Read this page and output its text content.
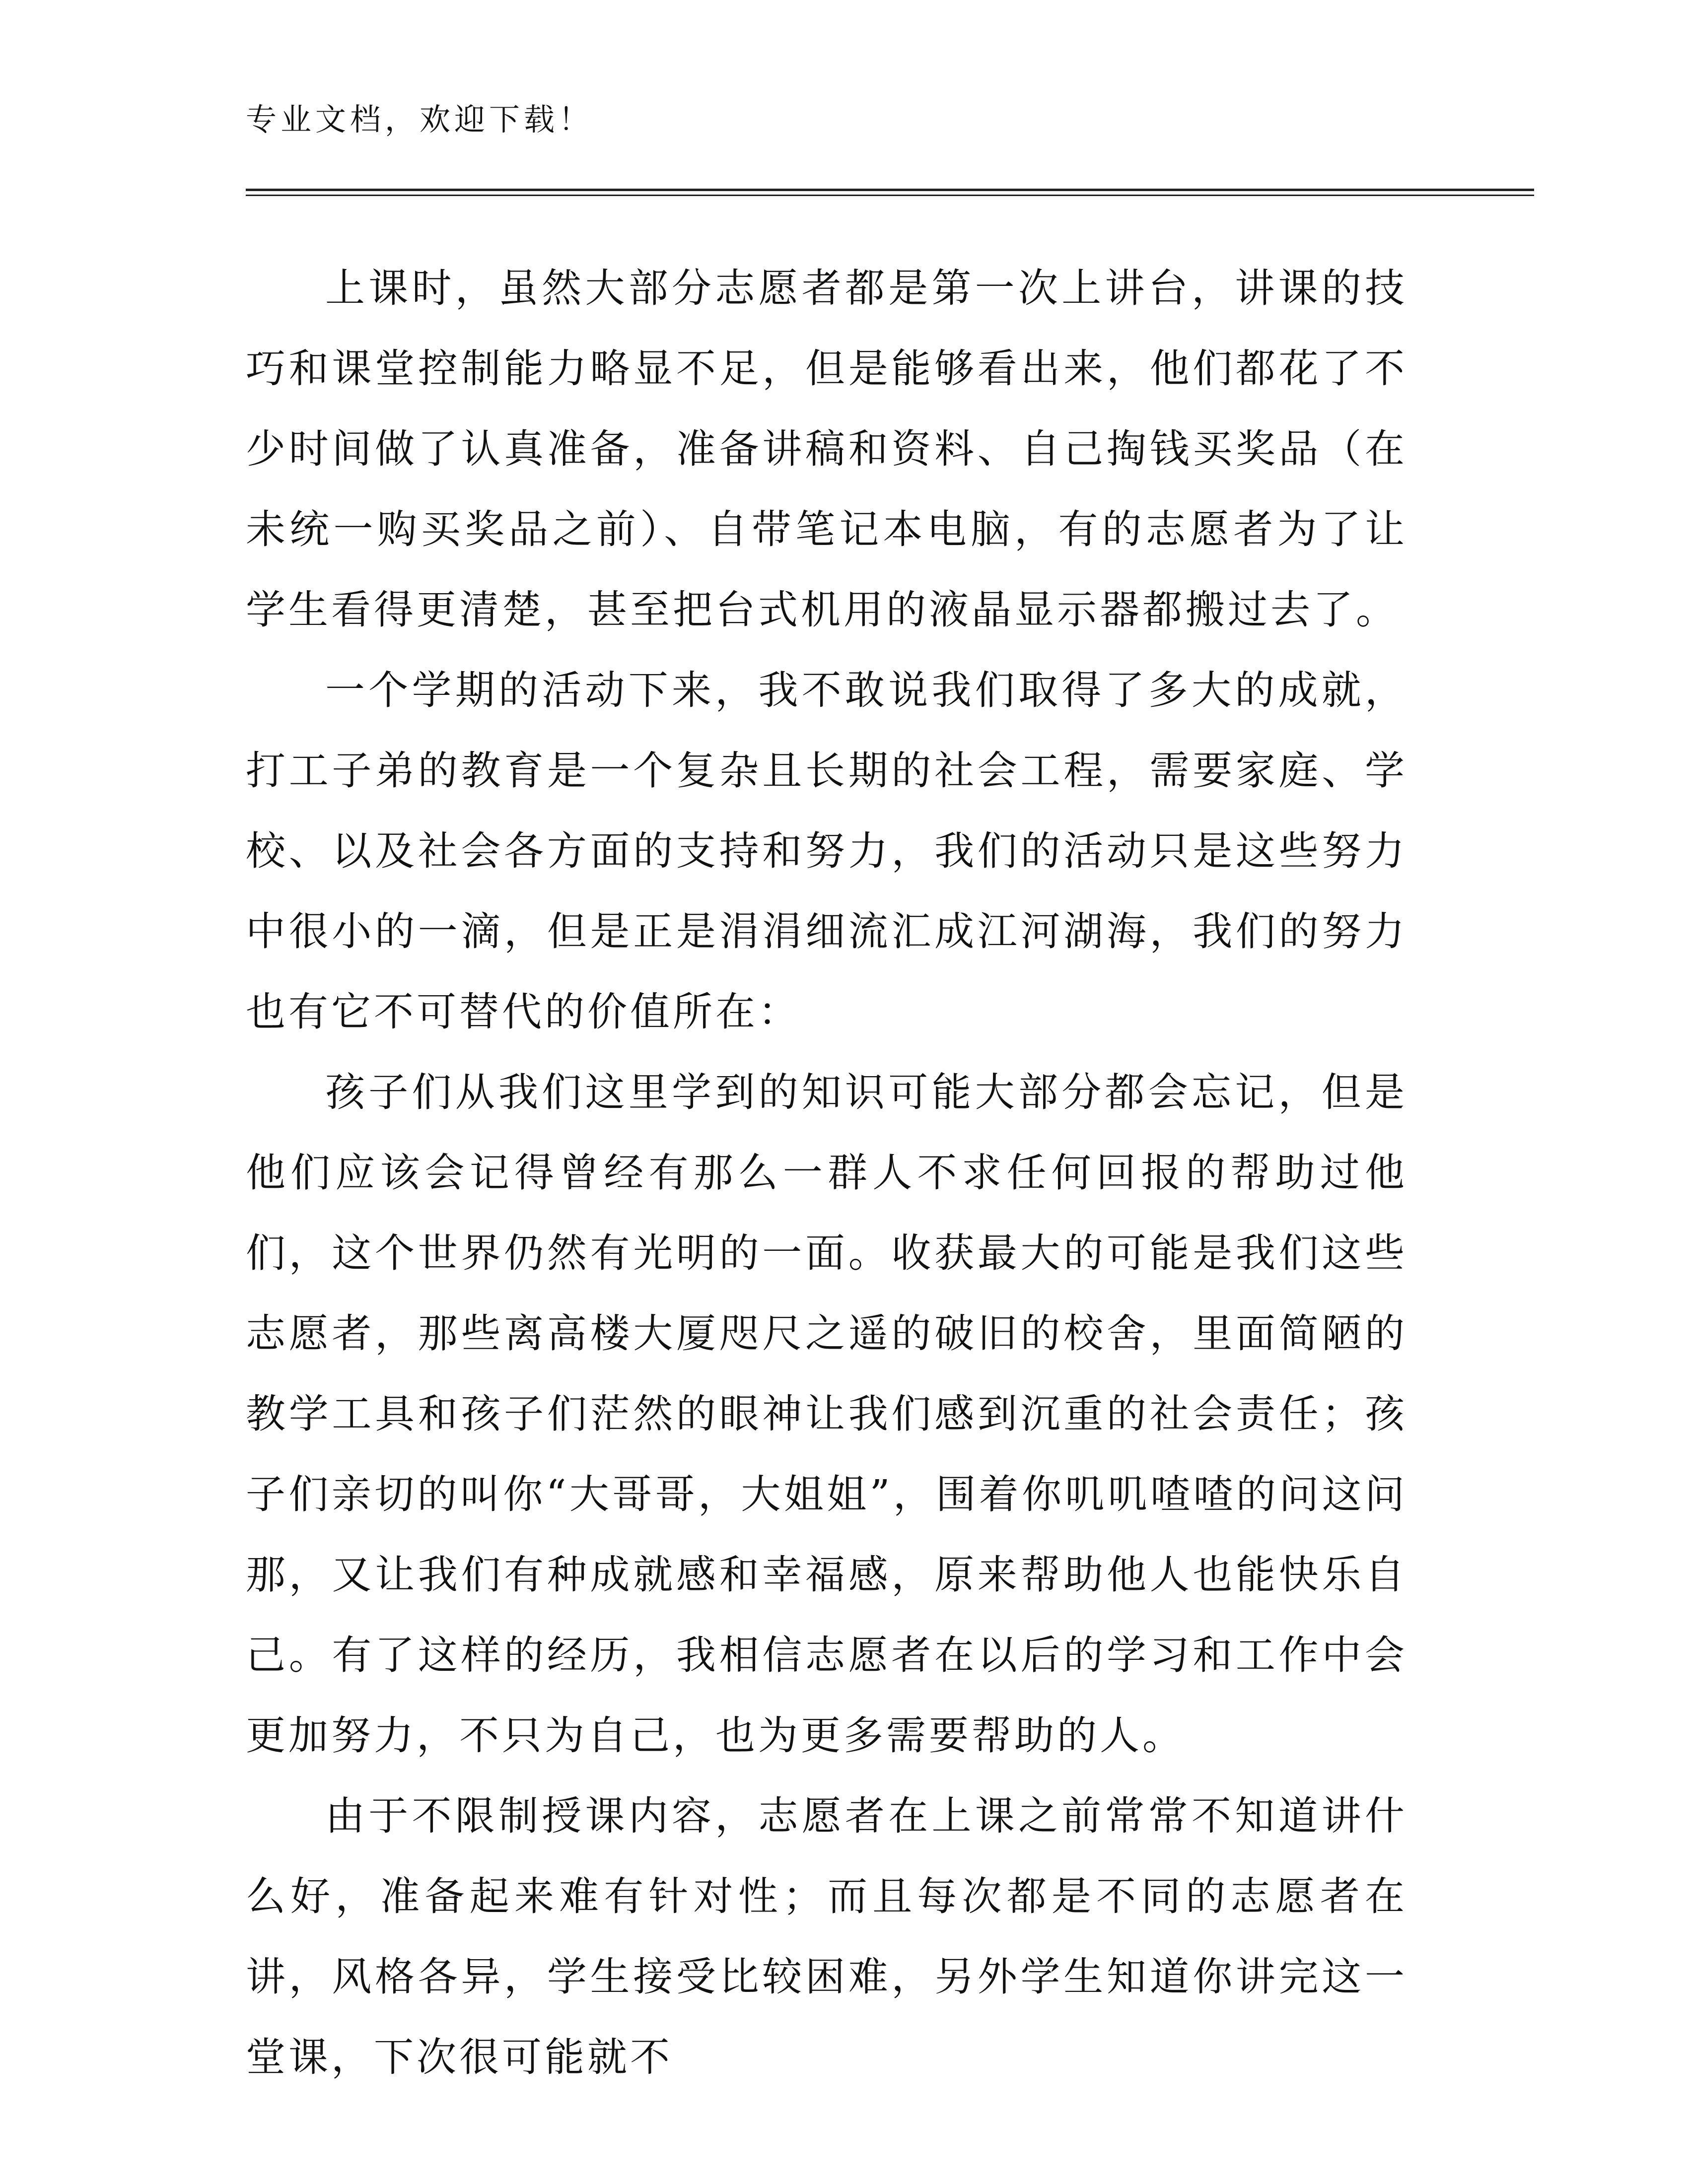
专业文档，欢迎下载！

上课时，虽然大部分志愿者都是第一次上讲台，讲课的技巧和课堂控制能力略显不足，但是能够看出来，他们都花了不少时间做了认真准备，准备讲稿和资料、自己掏钱买奖品（在未统一购买奖品之前）、自带笔记本电脑，有的志愿者为了让学生看得更清楚，甚至把台式机用的液晶显示器都搬过去了。

一个学期的活动下来，我不敢说我们取得了多大的成就，打工子弟的教育是一个复杂且长期的社会工程，需要家庭、学校、以及社会各方面的支持和努力，我们的活动只是这些努力中很小的一滴，但是正是涓涓细流汇成江河湖海，我们的努力也有它不可替代的价值所在：

孩子们从我们这里学到的知识可能大部分都会忘记，但是他们应该会记得曾经有那么一群人不求任何回报的帮助过他们，这个世界仍然有光明的一面。收获最大的可能是我们这些志愿者，那些离高楼大厦咫尺之遥的破旧的校舍，里面简陋的教学工具和孩子们茫然的眼神让我们感到沉重的社会责任；孩子们亲切的叫你“大哥哥，大姐姐”，围着你叽叽喳喳的问这问那，又让我们有种成就感和幸福感，原来帮助他人也能快乐自己。有了这样的经历，我相信志愿者在以后的学习和工作中会更加努力，不只为自己，也为更多需要帮助的人。

由于不限制授课内容，志愿者在上课之前常常不知道讲什么好，准备起来难有针对性；而且每次都是不同的志愿者在讲，风格各异，学生接受比较困难，另外学生知道你讲完这一堂课，下次很可能就不
